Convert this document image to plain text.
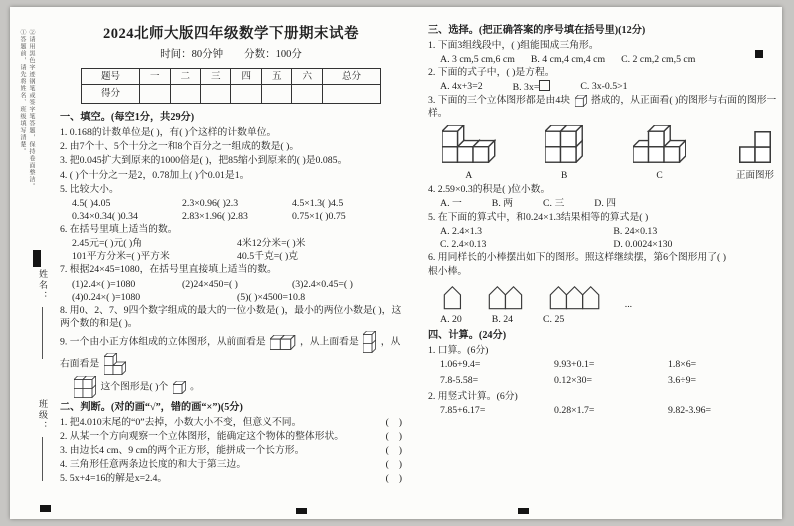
①答题前，请先将姓名、班级填写清楚。 ②请用黑色字迹钢笔或签字笔答题，保持卷面整洁。
姓名：
班级：
2024北师大版四年级数学下册期末试卷
时间：80分钟　　分数：100分
题号	一	二	三	四	五	六	总分
得分							
一、填空。(每空1分，共29分)
1. 0.168的计数单位是( )，有( )个这样的计数单位。
2. 由7个十、5个十分之一和8个百分之一组成的数是( )。
3. 把0.045扩大到原来的1000倍是( )，把85缩小到原来的( )是0.085。
4. ( )个十分之一是2，0.78加上( )个0.01是1。
5. 比较大小。
4.5( )4.05	2.3×0.96( )2.3	4.5×1.3( )4.5
0.34×0.34( )0.34	2.83×1.96( )2.83	0.75×1( )0.75
6. 在括号里填上适当的数。
2.45元=( )元( )角	4米12分米=( )米
101平方分米=( )平方米	40.5千克=( )克
7. 根据24×45=1080，在括号里直接填上适当的数。
(1)2.4×( )=1080	(2)24×450=( )	(3)2.4×0.45=( )
(4)0.24×( )=1080	(5)( )×4500=10.8
8. 用0、2、7、9四个数字组成的最大的一位小数是( )，最小的两位小数是( )，这两个数的和是( )。
9. 一个由小正方体组成的立体图形，从前面看是	，从上面看是 ，从右面看是
这个图形是( )个 。
二、判断。(对的画“√”，错的画“×”)(5分)
1. 把4.010末尾的“0”去掉，小数大小不变，但意义不同。	(　)
2. 从某一个方向观察一个立体图形，能确定这个物体的整体形状。	(　)
3. 由边长4 cm、9 cm的两个正方形，能拼成一个长方形。	(　)
4. 三角形任意两条边长度的和大于第三边。	(　)
5. 5x+4=16的解是x=2.4。	(　)
三、选择。(把正确答案的序号填在括号里)(12分)
1. 下面3组线段中，( )组能围成三角形。
A. 3 cm,5 cm,6 cm B. 4 cm,4 cm,4 cm C. 2 cm,2 cm,5 cm
2. 下面的式子中，( )是方程。
A. 4x+3=2	B. 3x=	C. 3x-0.5>1
3. 下面的三个立体图形都是由4块 搭成的，从正面看( )的图形与右面的图形一样。
A	B	C	正面图形
4. 2.59×0.3的积是( )位小数。
A. 一	B. 两	C. 三	D. 四
5. 在下面的算式中，和0.24×1.3结果相等的算式是( )
A. 2.4×1.3	B. 24×0.13
C. 2.4×0.13	D. 0.0024×130
6. 用同样长的小棒摆出如下的图形。照这样继续摆，第6个图形用了( )
根小棒。
...
A. 20	B. 24	C. 25
四、计算。(24分)
1. 口算。(6分)
1.06+9.4=	9.93+0.1=	1.8×6=
7.8-5.58=	0.12×30=	3.6÷9=
2. 用竖式计算。(6分)
7.85+6.17=	0.28×1.7=	9.82-3.96=
